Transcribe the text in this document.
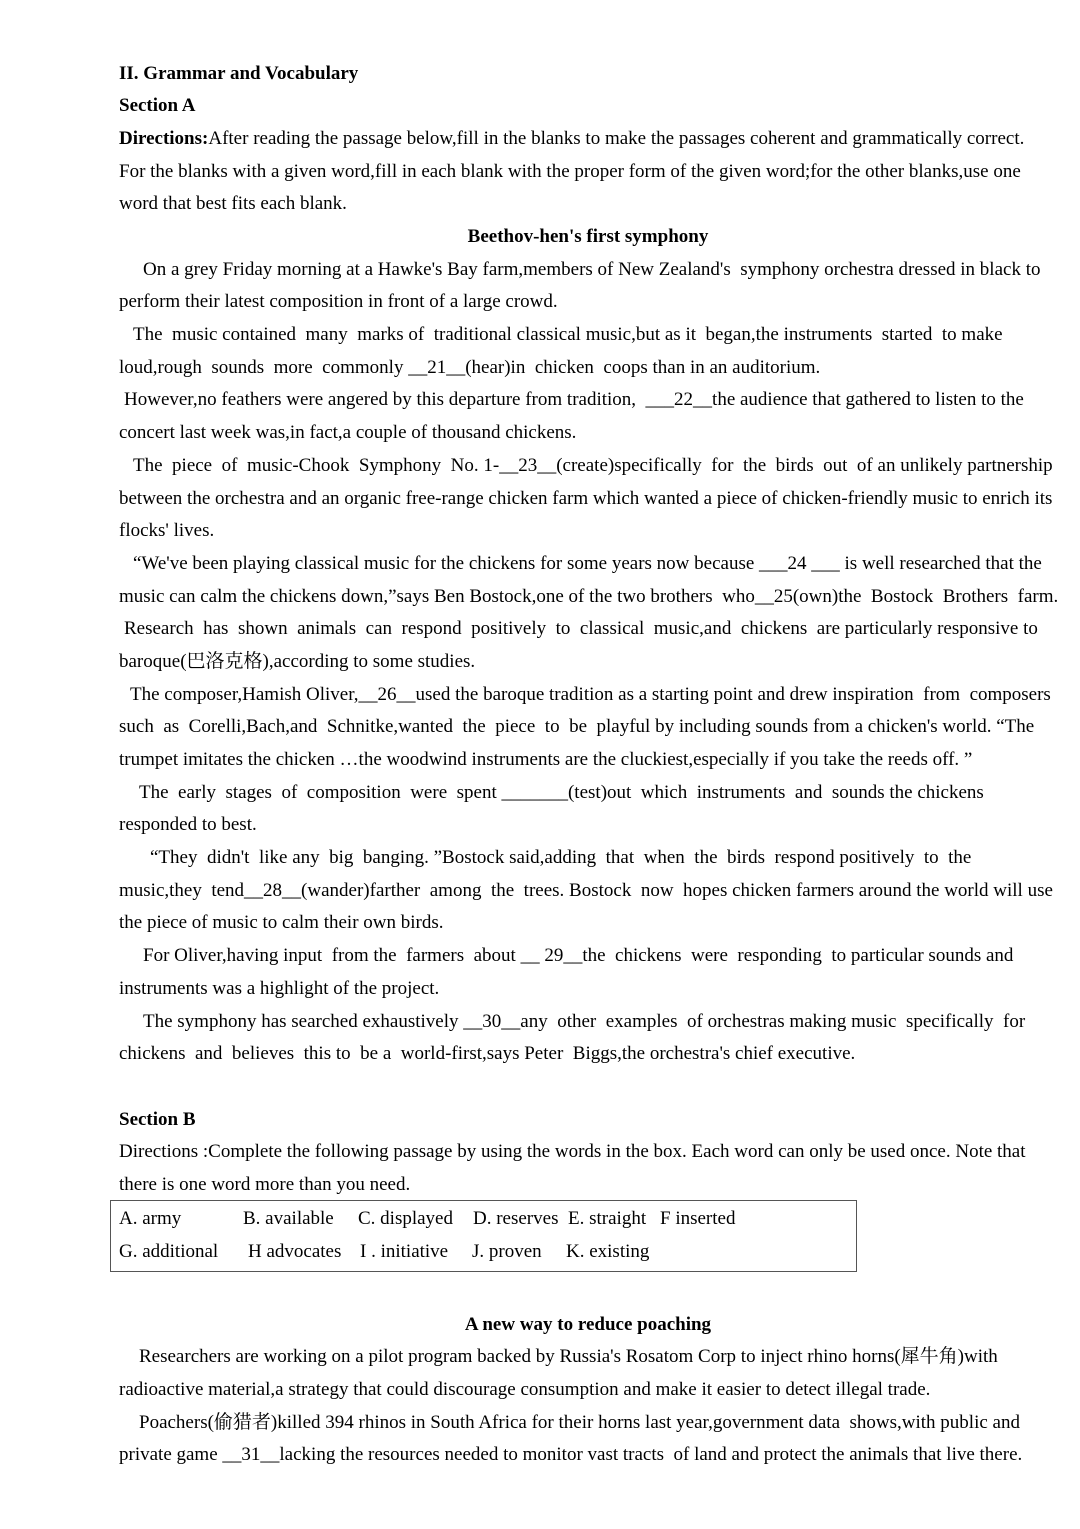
II. Grammar and Vocabulary
Section A
Directions:After reading the passage below,fill in the blanks to make the passages coherent and grammatically correct.
For the blanks with a given word,fill in each blank with the proper form of the given word;for the other blanks,use one
word that best fits each blank.
Beethov-hen's first symphony
On a grey Friday morning at a Hawke's Bay farm,members of New Zealand's  symphony orchestra dressed in black to
perform their latest composition in front of a large crowd.
The  music contained  many  marks of  traditional classical music,but as it  began,the instruments  started  to make
loud,rough  sounds  more  commonly __21__(hear)in  chicken  coops than in an auditorium.
However,no feathers were angered by this departure from tradition,  ___22__the audience that gathered to listen to the
concert last week was,in fact,a couple of thousand chickens.
The  piece  of  music-Chook  Symphony  No. 1-__23__(create)specifically  for  the  birds  out  of an unlikely partnership
between the orchestra and an organic free-range chicken farm which wanted a piece of chicken-friendly music to enrich its
flocks' lives.
“We've been playing classical music for the chickens for some years now because ___24 ___ is well researched that the
music can calm the chickens down,”says Ben Bostock,one of the two brothers  who__25(own)the  Bostock  Brothers  farm.
Research  has  shown  animals  can  respond  positively  to  classical  music,and  chickens  are particularly responsive to
baroque(巴洛克格),according to some studies.
The composer,Hamish Oliver,__26__used the baroque tradition as a starting point and drew inspiration  from  composers
such  as  Corelli,Bach,and  Schnitke,wanted  the  piece  to  be  playful by including sounds from a chicken's world. “The
trumpet imitates the chicken …the woodwind instruments are the cluckiest,especially if you take the reeds off. ”
The  early  stages  of  composition  were  spent _______(test)out  which  instruments  and  sounds the chickens
responded to best.
“They  didn't  like any  big  banging. ”Bostock said,adding  that  when  the  birds  respond positively  to  the
music,they  tend__28__(wander)farther  among  the  trees. Bostock  now  hopes chicken farmers around the world will use
the piece of music to calm their own birds.
For Oliver,having input  from the  farmers  about __ 29__the  chickens  were  responding  to particular sounds and
instruments was a highlight of the project.
The symphony has searched exhaustively __30__any  other  examples  of orchestras making music  specifically  for
chickens  and  believes  this to  be a  world-first,says Peter  Biggs,the orchestra's chief executive.
Section B
Directions :Complete the following passage by using the words in the box. Each word can only be used once. Note that
there is one word more than you need.
A. army	B. available C. displayed D. reserves E. straight F inserted
G. additional H advocates I . initiative J. proven K. existing
A new way to reduce poaching
Researchers are working on a pilot program backed by Russia's Rosatom Corp to inject rhino horns(犀牛角)with
radioactive material,a strategy that could discourage consumption and make it easier to detect illegal trade.
Poachers(偷猎者)killed 394 rhinos in South Africa for their horns last year,government data  shows,with public and
private game __31__lacking the resources needed to monitor vast tracts  of land and protect the animals that live there.
